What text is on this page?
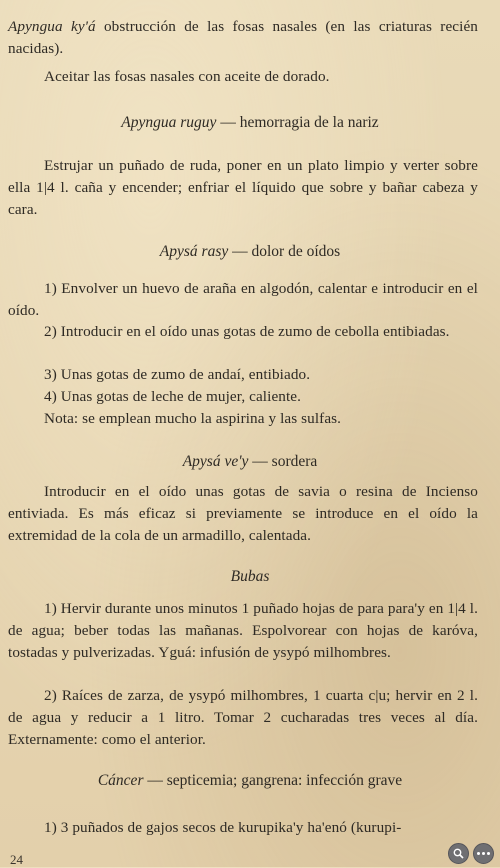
Apyngua ky'á obstrucción de las fosas nasales (en las criaturas recién nacidas).

Aceitar las fosas nasales con aceite de dorado.

Apyngua ruguy — hemorragia de la nariz

Estrujar un puñado de ruda, poner en un plato limpio y verter sobre ella 1|4 l. caña y encender; enfriar el líquido que sobre y bañar cabeza y cara.

Apysá rasy — dolor de oídos

1) Envolver un huevo de araña en algodón, calentar e introducir en el oído.

2) Introducir en el oído unas gotas de zumo de cebolla entibiadas.

3) Unas gotas de zumo de andaí, entibiado.

4) Unas gotas de leche de mujer, caliente.

Nota: se emplean mucho la aspirina y las sulfas.

Apysá ve'y — sordera

Introducir en el oído unas gotas de savia o resina de Incienso entiviada. Es más eficaz si previamente se introduce en el oído la extremidad de la cola de un armadillo, calentada.

Bubas

1) Hervir durante unos minutos 1 puñado hojas de para para'y en 1|4 l. de agua; beber todas las mañanas. Espolvorear con hojas de karóva, tostadas y pulverizadas. Yguá: infusión de ysypó milhombres.

2) Raíces de zarza, de ysypó milhombres, 1 cuarta c|u; hervir en 2 l. de agua y reducir a 1 litro. Tomar 2 cucharadas tres veces al día. Externamente: como el anterior.

Cáncer — septicemia; gangrena: infección grave

1) 3 puñados de gajos secos de kurupika'y ha'enó (kurupi-

24
